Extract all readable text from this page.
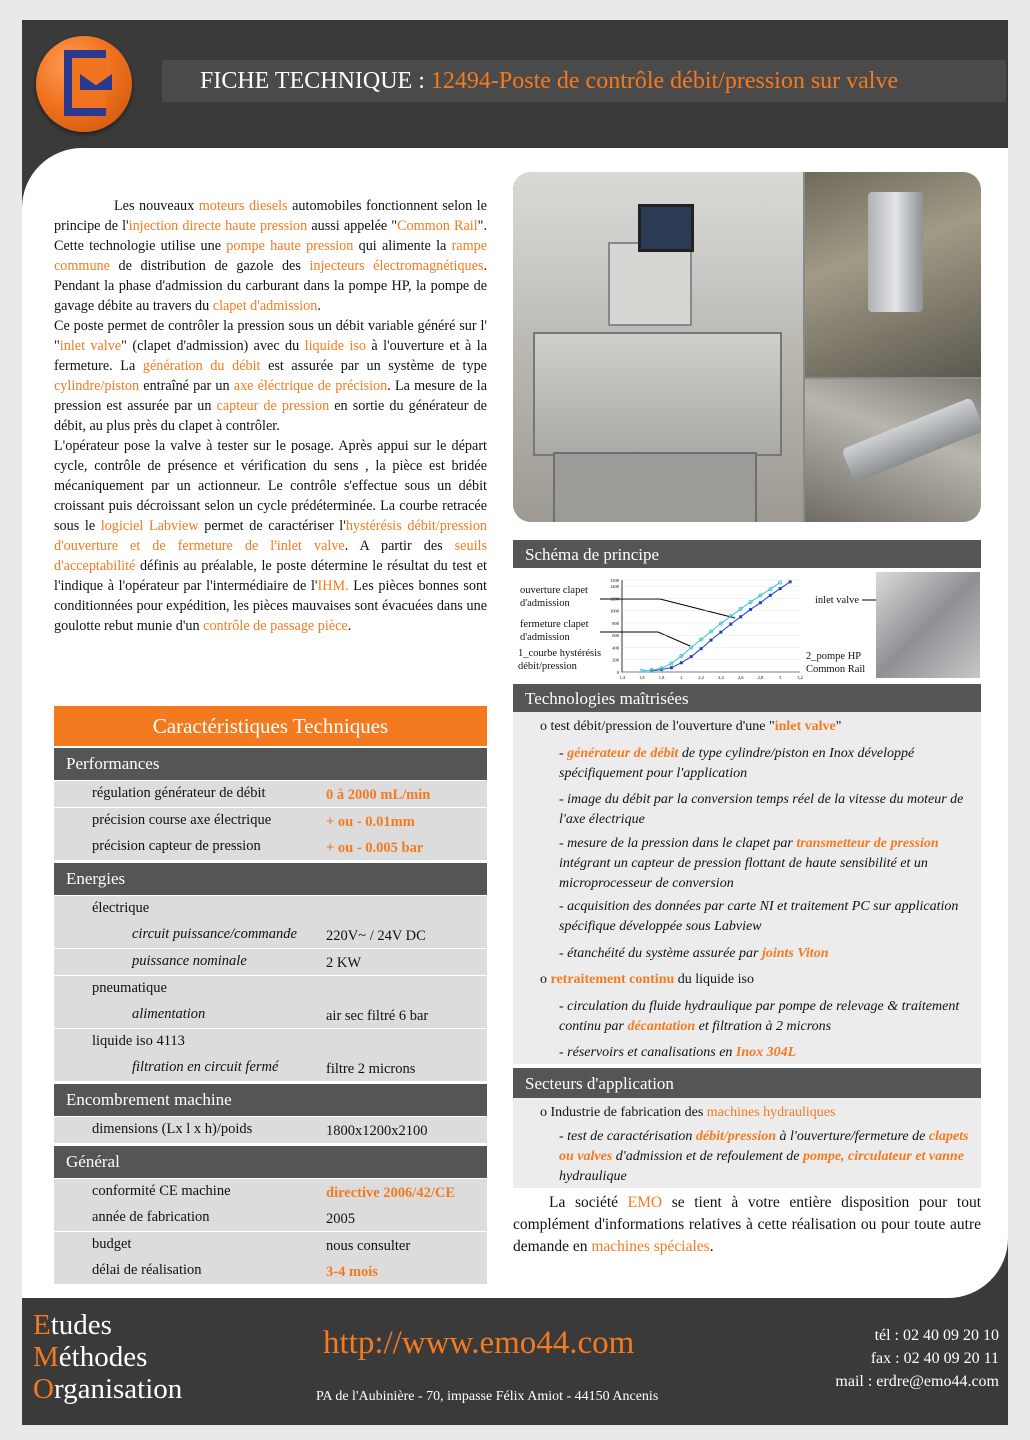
FICHE TECHNIQUE : 12494-Poste de contrôle débit/pression sur valve

Les nouveaux moteurs diesels automobiles fonctionnent selon le principe de l'injection directe haute pression aussi appelée "Common Rail". Cette technologie utilise une pompe haute pression qui alimente la rampe commune de distribution de gazole des injecteurs électromagnétiques. Pendant la phase d'admission du carburant dans la pompe HP, la pompe de gavage débite au travers du clapet d'admission.

Ce poste permet de contrôler la pression sous un débit variable généré sur l' "inlet valve" (clapet d'admission) avec du liquide iso à l'ouverture et à la fermeture. La génération du débit est assurée par un système de type cylindre/piston entraîné par un axe éléctrique de précision. La mesure de la pression est assurée par un capteur de pression en sortie du générateur de débit, au plus près du clapet à contrôler.

L'opérateur pose la valve à tester sur le posage. Après appui sur le départ cycle, contrôle de présence et vérification du sens , la pièce est bridée mécaniquement par un actionneur. Le contrôle s'effectue sous un débit croissant puis décroissant selon un cycle prédéterminée. La courbe retracée sous le logiciel Labview permet de caractériser l'hystérésis débit/pression d'ouverture et de fermeture de l'inlet valve. A partir des seuils d'acceptabilité définis au préalable, le poste détermine le résultat du test et l'indique à l'opérateur par l'intermédiaire de l'IHM. Les pièces bonnes sont conditionnées pour expédition, les pièces mauvaises sont évacuées dans une goulotte rebut munie d'un contrôle de passage pièce.

Schéma de principe
ouverture clapet
d'admission
fermeture clapet
d'admission
1_courbe hystérésis
débit/pression
1500
1400
1200
1000
800
600
400
200
0
1,4	1,6	1,8	2	2,2	2,4	2,6	2,8	3	3,2
inlet valve
2_pompe HP
Common Rail
Technologies maîtrisées
o test débit/pression de l'ouverture d'une "inlet valve"
- générateur de débit de type cylindre/piston en Inox développé spécifiquement pour l'application
- image du débit par la conversion temps réel de la vitesse du moteur de l'axe électrique
- mesure de la pression dans le clapet par transmetteur de pression intégrant un capteur de pression flottant de haute sensibilité et un microprocesseur de conversion
- acquisition des données par carte NI et traitement PC sur application spécifique développée sous Labview
- étanchéité du système assurée par joints Viton
o retraitement continu du liquide iso
- circulation du fluide hydraulique par pompe de relevage & traitement continu par décantation et filtration à 2 microns
- réservoirs et canalisations en Inox 304L
Secteurs d'application
o Industrie de fabrication des machines hydrauliques
- test de caractérisation débit/pression à l'ouverture/fermeture de clapets ou valves d'admission et de refoulement de pompe, circulateur et vanne hydraulique
La société EMO se tient à votre entière disposition pour tout complément d'informations relatives à cette réalisation ou pour toute autre demande en machines spéciales.
Caractéristiques Techniques
Performances
régulation générateur de débit	0 à 2000 mL/min
précision course axe électrique	+ ou - 0.01mm
précision capteur de pression	+ ou - 0.005 bar
Energies
électrique
circuit puissance/commande 220V~ / 24V DC
puissance nominale	2 KW
pneumatique
alimentation	air sec filtré 6 bar
liquide iso 4113
filtration en circuit fermé	filtre 2 microns
Encombrement machine
dimensions (Lx l x h)/poids	1800x1200x2100
Général
conformité CE machine	directive 2006/42/CE
année de fabrication	2005
budget	nous consulter
délai de réalisation	3-4 mois
Etudes
Méthodes
Organisation
http://www.emo44.com
PA de l'Aubinière - 70, impasse Félix Amiot - 44150 Ancenis
tél : 02 40 09 20 10
fax : 02 40 09 20 11
mail : erdre@emo44.com
